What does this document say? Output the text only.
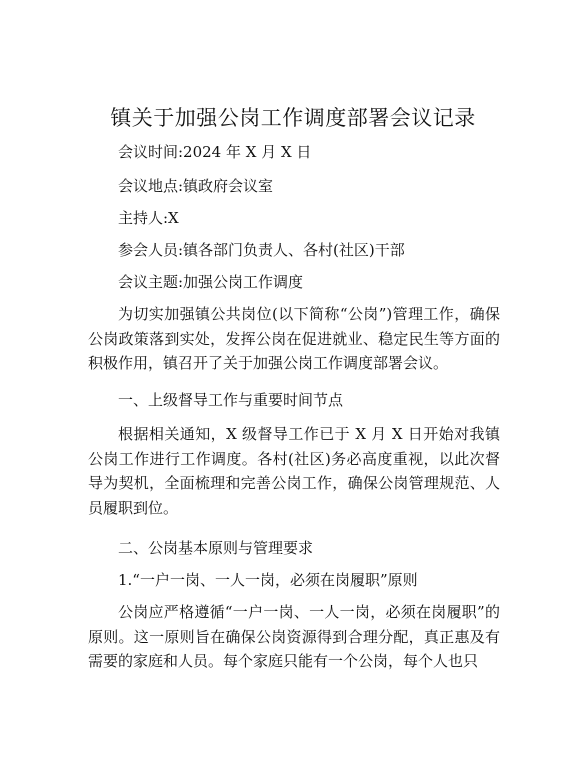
镇关于加强公岗工作调度部署会议记录
会议时间:2024 年 X 月 X 日
会议地点:镇政府会议室
主持人:X
参会人员:镇各部门负责人、各村(社区)干部
会议主题:加强公岗工作调度
为切实加强镇公共岗位(以下简称“公岗”)管理工作，确保公岗政策落到实处，发挥公岗在促进就业、稳定民生等方面的积极作用，镇召开了关于加强公岗工作调度部署会议。
一、上级督导工作与重要时间节点
根据相关通知，X 级督导工作已于 X 月 X 日开始对我镇公岗工作进行工作调度。各村(社区)务必高度重视，以此次督导为契机，全面梳理和完善公岗工作，确保公岗管理规范、人员履职到位。
二、公岗基本原则与管理要求
1.“一户一岗、一人一岗，必须在岗履职”原则
公岗应严格遵循“一户一岗、一人一岗，必须在岗履职”的原则。这一原则旨在确保公岗资源得到合理分配，真正惠及有需要的家庭和人员。每个家庭只能有一个公岗，每个人也只
